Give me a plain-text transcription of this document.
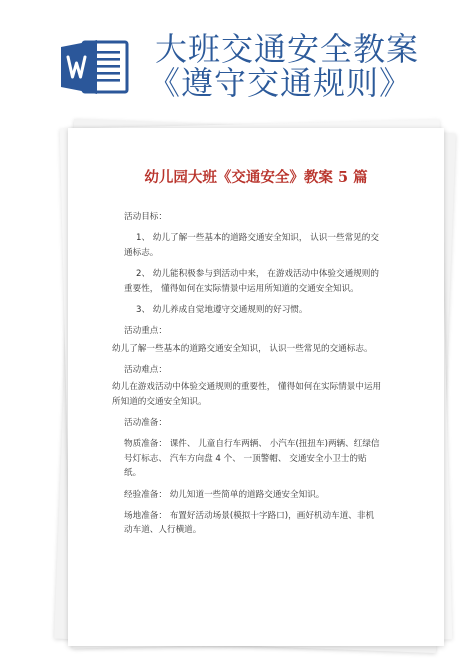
大班交通安全教案
《遵守交通规则》
幼儿园大班《交通安全》教案 5 篇

活动目标：

1、 幼儿了解一些基本的道路交通安全知识， 认识一些常见的交通标志。

2、 幼儿能积极参与到活动中来， 在游戏活动中体验交通规则的重要性， 懂得如何在实际情景中运用所知道的交通安全知识。

3、 幼儿养成自觉地遵守交通规则的好习惯。

活动重点：

幼儿了解一些基本的道路交通安全知识， 认识一些常见的交通标志。

活动难点：

幼儿在游戏活动中体验交通规则的重要性， 懂得如何在实际情景中运用所知道的交通安全知识。

活动准备：

物质准备： 课件、 儿童自行车两辆、 小汽车(扭扭车)两辆、红绿信号灯标志、 汽车方向盘 4 个、 一顶警帽、 交通安全小卫士的贴纸。

经验准备： 幼儿知道一些简单的道路交通安全知识。

场地准备： 布置好活动场景(模拟十字路口)，画好机动车道、非机动车道、人行横道。
